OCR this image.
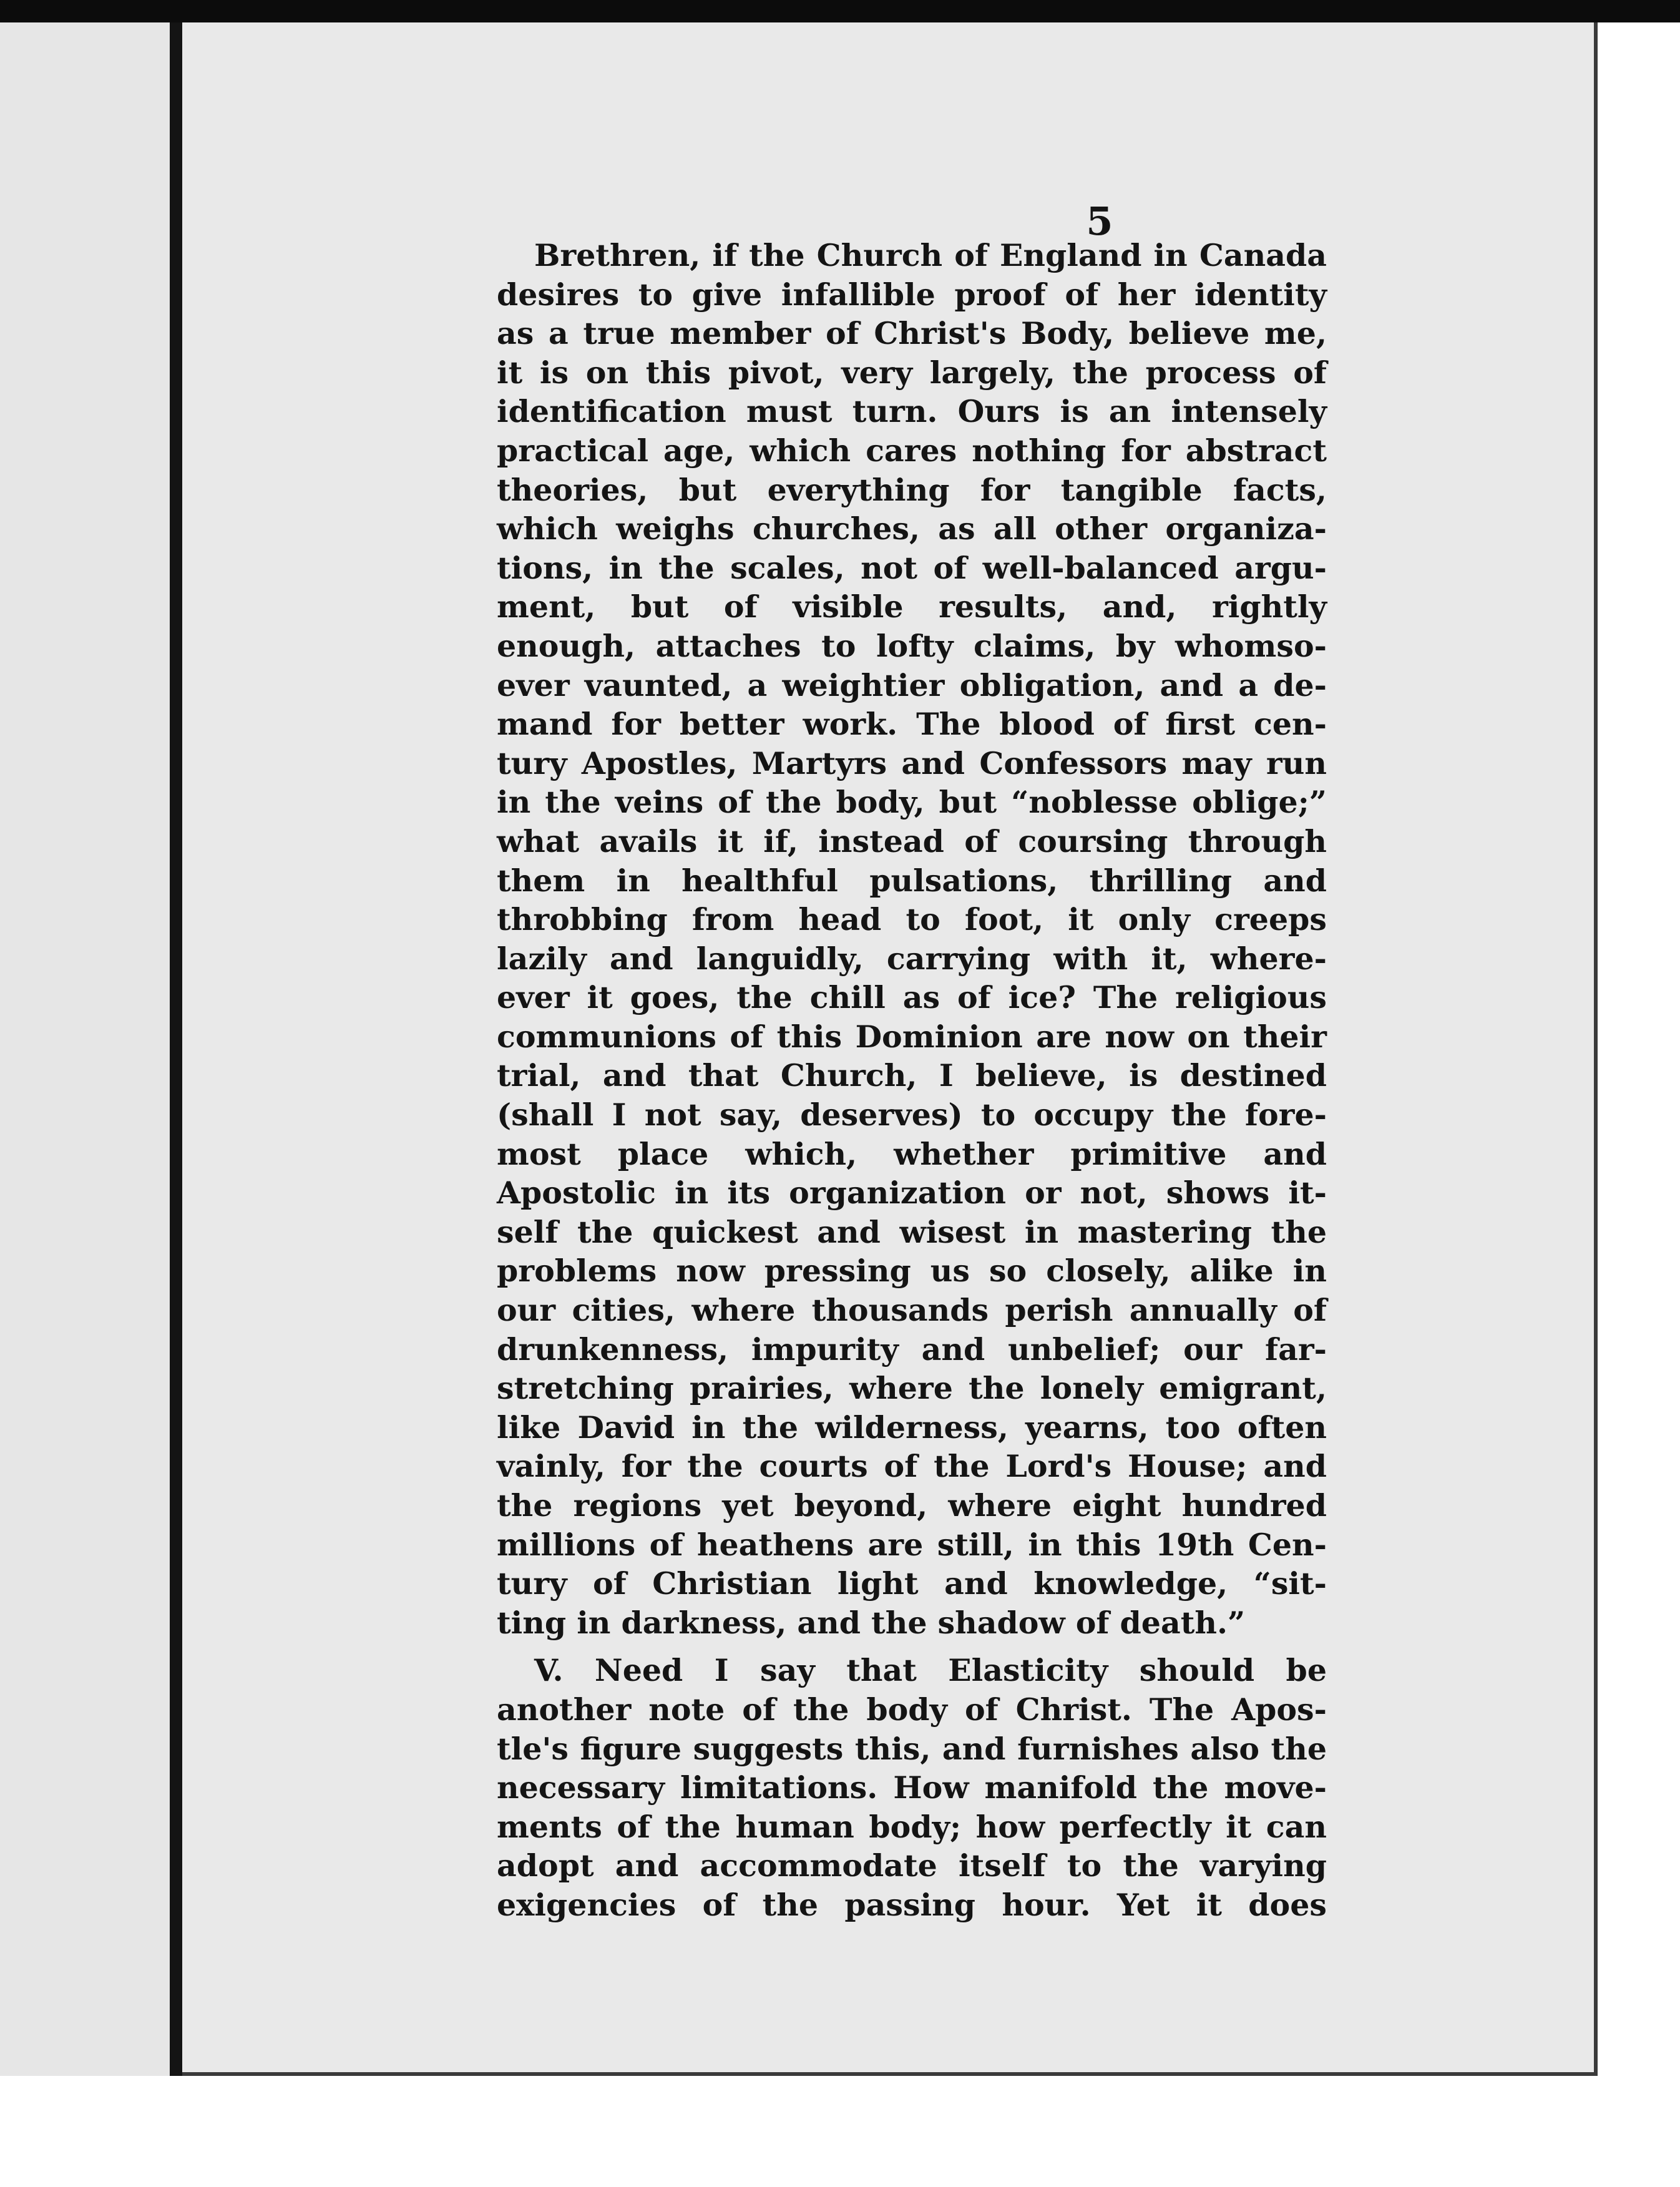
5
Brethren, if the Church of England in Canada
desires to give infallible proof of her identity
as a true member of Christ's Body, believe me,
it is on this pivot, very largely, the process of
identification must turn. Ours is an intensely
practical age, which cares nothing for abstract
theories, but everything for tangible facts,
which weighs churches, as all other organiza-
tions, in the scales, not of well-balanced argu-
ment, but of visible results, and, rightly
enough, attaches to lofty claims, by whomso-
ever vaunted, a weightier obligation, and a de-
mand for better work. The blood of first cen-
tury Apostles, Martyrs and Confessors may run
in the veins of the body, but “noblesse oblige;”
what avails it if, instead of coursing through
them in healthful pulsations, thrilling and
throbbing from head to foot, it only creeps
lazily and languidly, carrying with it, where-
ever it goes, the chill as of ice? The religious
communions of this Dominion are now on their
trial, and that Church, I believe, is destined
(shall I not say, deserves) to occupy the fore-
most place which, whether primitive and
Apostolic in its organization or not, shows it-
self the quickest and wisest in mastering the
problems now pressing us so closely, alike in
our cities, where thousands perish annually of
drunkenness, impurity and unbelief; our far-
stretching prairies, where the lonely emigrant,
like David in the wilderness, yearns, too often
vainly, for the courts of the Lord's House; and
the regions yet beyond, where eight hundred
millions of heathens are still, in this 19th Cen-
tury of Christian light and knowledge, “sit-
ting in darkness, and the shadow of death.”
V. Need I say that Elasticity should be
another note of the body of Christ. The Apos-
tle's figure suggests this, and furnishes also the
necessary limitations. How manifold the move-
ments of the human body; how perfectly it can
adopt and accommodate itself to the varying
exigencies of the passing hour. Yet it does
